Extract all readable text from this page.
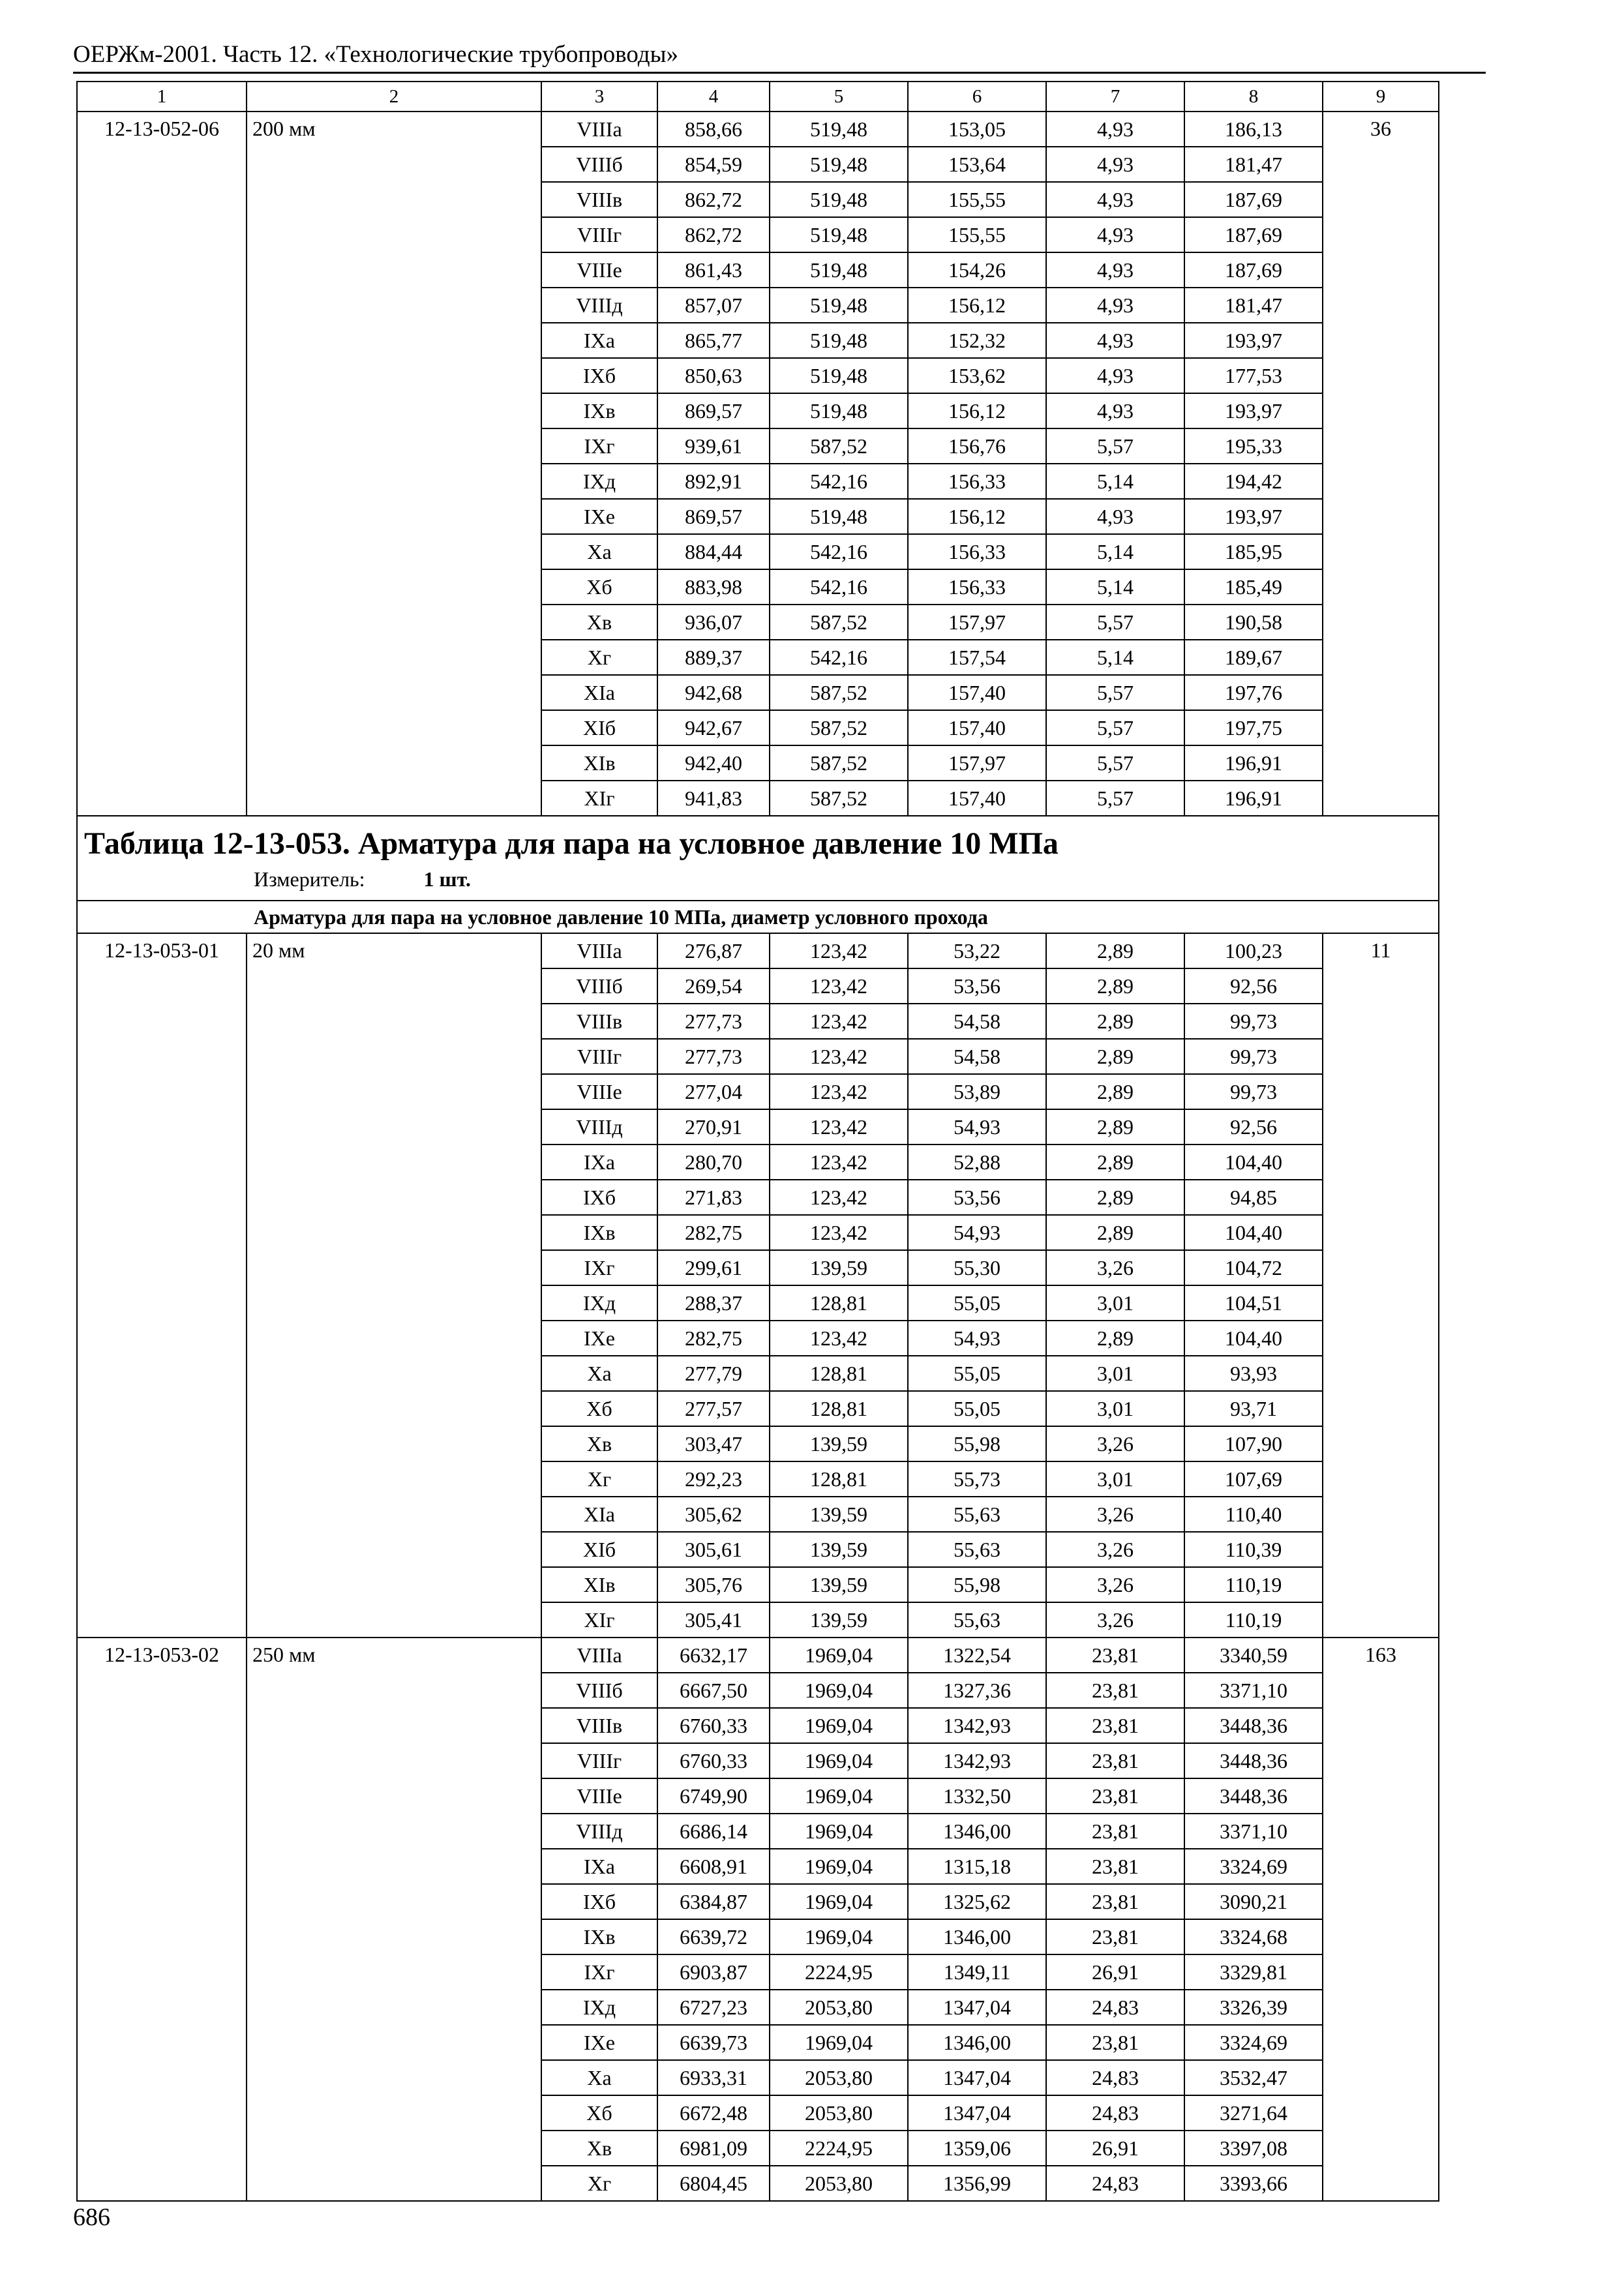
ОЕРЖм-2001. Часть 12. «Технологические трубопроводы»
1	2	3	4	5	6	7	8	9
12-13-052-06	200 мм	VIIIa	858,66	519,48	153,05	4,93	186,13	36
		VIIIб	854,59	519,48	153,64	4,93	181,47	
		VIIIв	862,72	519,48	155,55	4,93	187,69	
		VIIIг	862,72	519,48	155,55	4,93	187,69	
		VIIIe	861,43	519,48	154,26	4,93	187,69	
		VIIIд	857,07	519,48	156,12	4,93	181,47	
		IXa	865,77	519,48	152,32	4,93	193,97	
		IXб	850,63	519,48	153,62	4,93	177,53	
		IXв	869,57	519,48	156,12	4,93	193,97	
		IXг	939,61	587,52	156,76	5,57	195,33	
		IXд	892,91	542,16	156,33	5,14	194,42	
		IXe	869,57	519,48	156,12	4,93	193,97	
		Xa	884,44	542,16	156,33	5,14	185,95	
		Xб	883,98	542,16	156,33	5,14	185,49	
		Xв	936,07	587,52	157,97	5,57	190,58	
		Xг	889,37	542,16	157,54	5,14	189,67	
		XIa	942,68	587,52	157,40	5,57	197,76	
		XIб	942,67	587,52	157,40	5,57	197,75	
		XIв	942,40	587,52	157,97	5,57	196,91	
		XIг	941,83	587,52	157,40	5,57	196,91	

Таблица 12-13-053. Арматура для пара на условное давление 10 МПа
Измеритель: 1 шт.								

Арматура для пара на условное давление 10 МПа, диаметр условного прохода								
12-13-053-01	20 мм	VIIIa	276,87	123,42	53,22	2,89	100,23	11
		VIIIб	269,54	123,42	53,56	2,89	92,56	
		VIIIв	277,73	123,42	54,58	2,89	99,73	
		VIIIг	277,73	123,42	54,58	2,89	99,73	
		VIIIe	277,04	123,42	53,89	2,89	99,73	
		VIIIд	270,91	123,42	54,93	2,89	92,56	
		IXa	280,70	123,42	52,88	2,89	104,40	
		IXб	271,83	123,42	53,56	2,89	94,85	
		IXв	282,75	123,42	54,93	2,89	104,40	
		IXг	299,61	139,59	55,30	3,26	104,72	
		IXд	288,37	128,81	55,05	3,01	104,51	
		IXe	282,75	123,42	54,93	2,89	104,40	
		Xa	277,79	128,81	55,05	3,01	93,93	
		Xб	277,57	128,81	55,05	3,01	93,71	
		Xв	303,47	139,59	55,98	3,26	107,90	
		Xг	292,23	128,81	55,73	3,01	107,69	
		XIa	305,62	139,59	55,63	3,26	110,40	
		XIб	305,61	139,59	55,63	3,26	110,39	
		XIв	305,76	139,59	55,98	3,26	110,19	
		XIг	305,41	139,59	55,63	3,26	110,19	
12-13-053-02	250 мм	VIIIa	6632,17	1969,04	1322,54	23,81	3340,59	163
		VIIIб	6667,50	1969,04	1327,36	23,81	3371,10	
		VIIIв	6760,33	1969,04	1342,93	23,81	3448,36	
		VIIIг	6760,33	1969,04	1342,93	23,81	3448,36	
		VIIIe	6749,90	1969,04	1332,50	23,81	3448,36	
		VIIIд	6686,14	1969,04	1346,00	23,81	3371,10	
		IXa	6608,91	1969,04	1315,18	23,81	3324,69	
		IXб	6384,87	1969,04	1325,62	23,81	3090,21	
		IXв	6639,72	1969,04	1346,00	23,81	3324,68	
		IXг	6903,87	2224,95	1349,11	26,91	3329,81	
		IXд	6727,23	2053,80	1347,04	24,83	3326,39	
		IXe	6639,73	1969,04	1346,00	23,81	3324,69	
		Xa	6933,31	2053,80	1347,04	24,83	3532,47	
		Xб	6672,48	2053,80	1347,04	24,83	3271,64	
		Xв	6981,09	2224,95	1359,06	26,91	3397,08	
		Xг	6804,45	2053,80	1356,99	24,83	3393,66	
686
